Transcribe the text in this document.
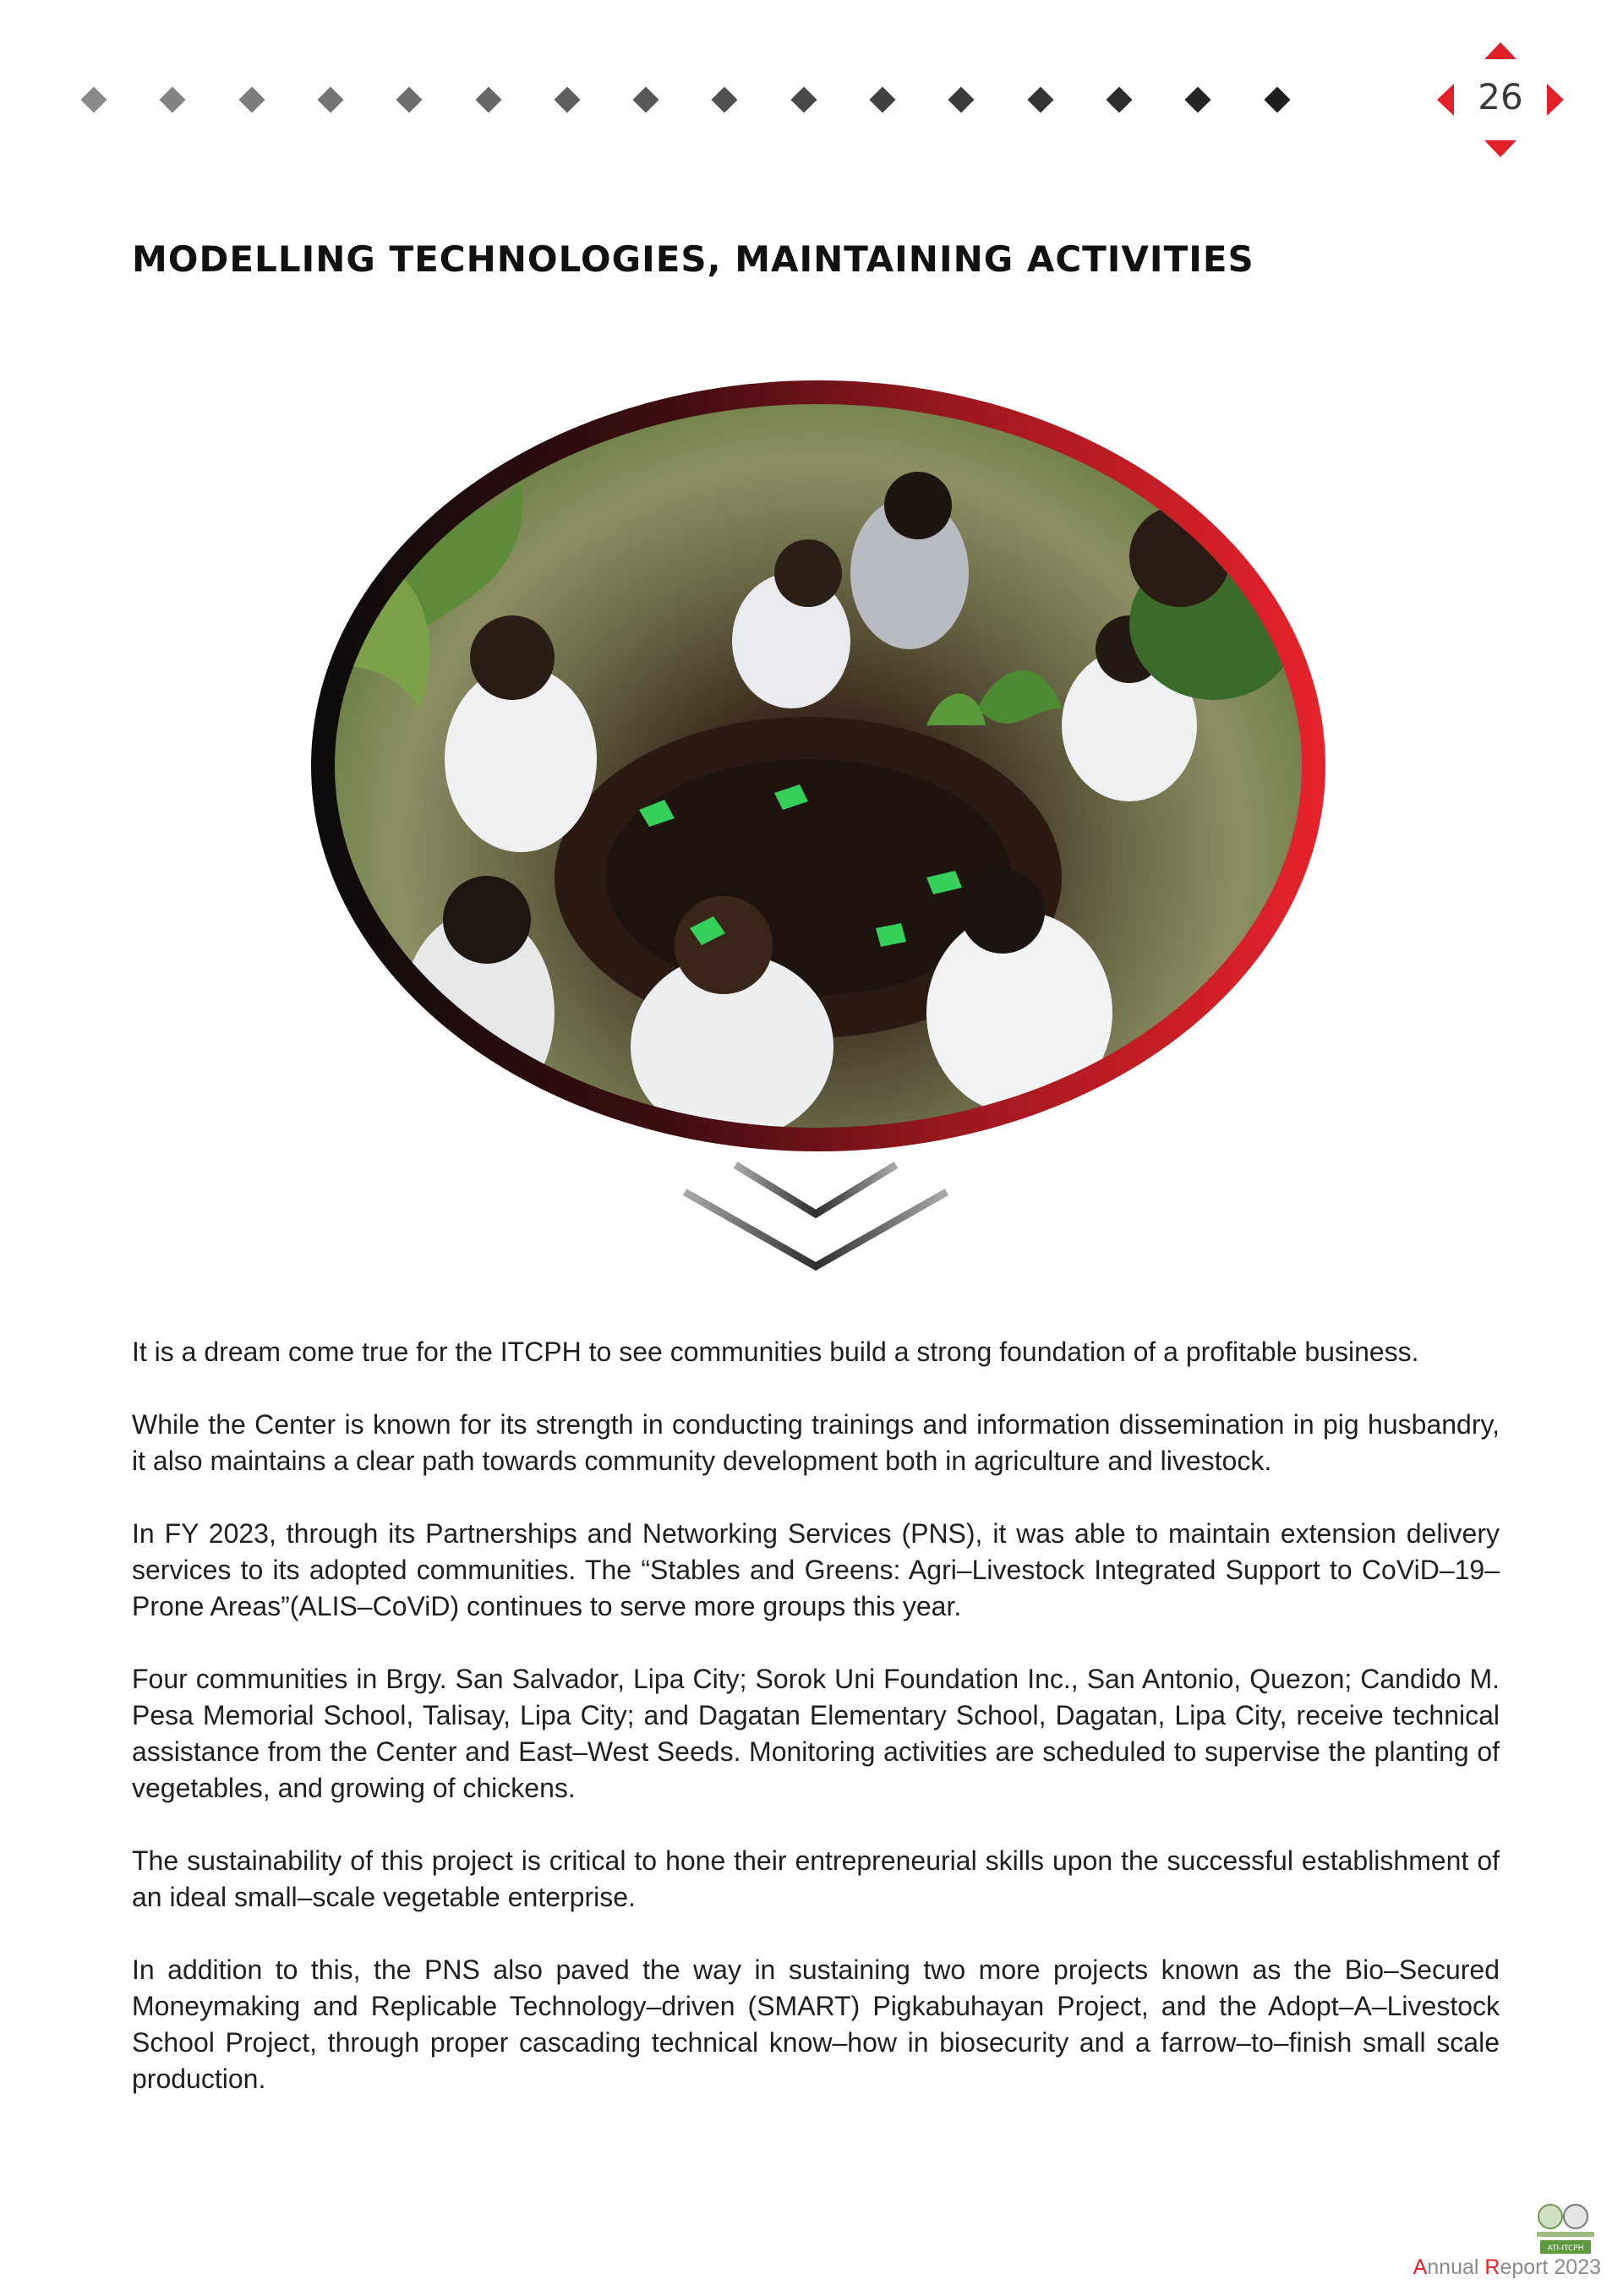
26
MODELLING TECHNOLOGIES, MAINTAINING ACTIVITIES

It is a dream come true for the ITCPH to see communities build a strong foundation of a profitable business.

While the Center is known for its strength in conducting trainings and information dissemination in pig husbandry, it also maintains a clear path towards community development both in agriculture and livestock.

In FY 2023, through its Partnerships and Networking Services (PNS), it was able to maintain extension delivery services to its adopted communities. The “Stables and Greens: Agri–Livestock Integrated Support to CoViD–19–Prone Areas”(ALIS–CoViD) continues to serve more groups this year.

Four communities in Brgy. San Salvador, Lipa City; Sorok Uni Foundation Inc., San Antonio, Quezon; Candido M. Pesa Memorial School, Talisay, Lipa City; and Dagatan Elementary School, Dagatan, Lipa City, receive technical assistance from the Center and East–West Seeds. Monitoring activities are scheduled to supervise the planting of vegetables, and growing of chickens.

The sustainability of this project is critical to hone their entrepreneurial skills upon the successful establishment of an ideal small–scale vegetable enterprise.

In addition to this, the PNS also paved the way in sustaining two more projects known as the Bio–Secured Moneymaking and Replicable Technology–driven (SMART) Pigkabuhayan Project, and the Adopt–A–Livestock School Project, through proper cascading technical know–how in biosecurity and a farrow–to–finish small scale production.

ATI-ITCPH
Annual Report 2023
